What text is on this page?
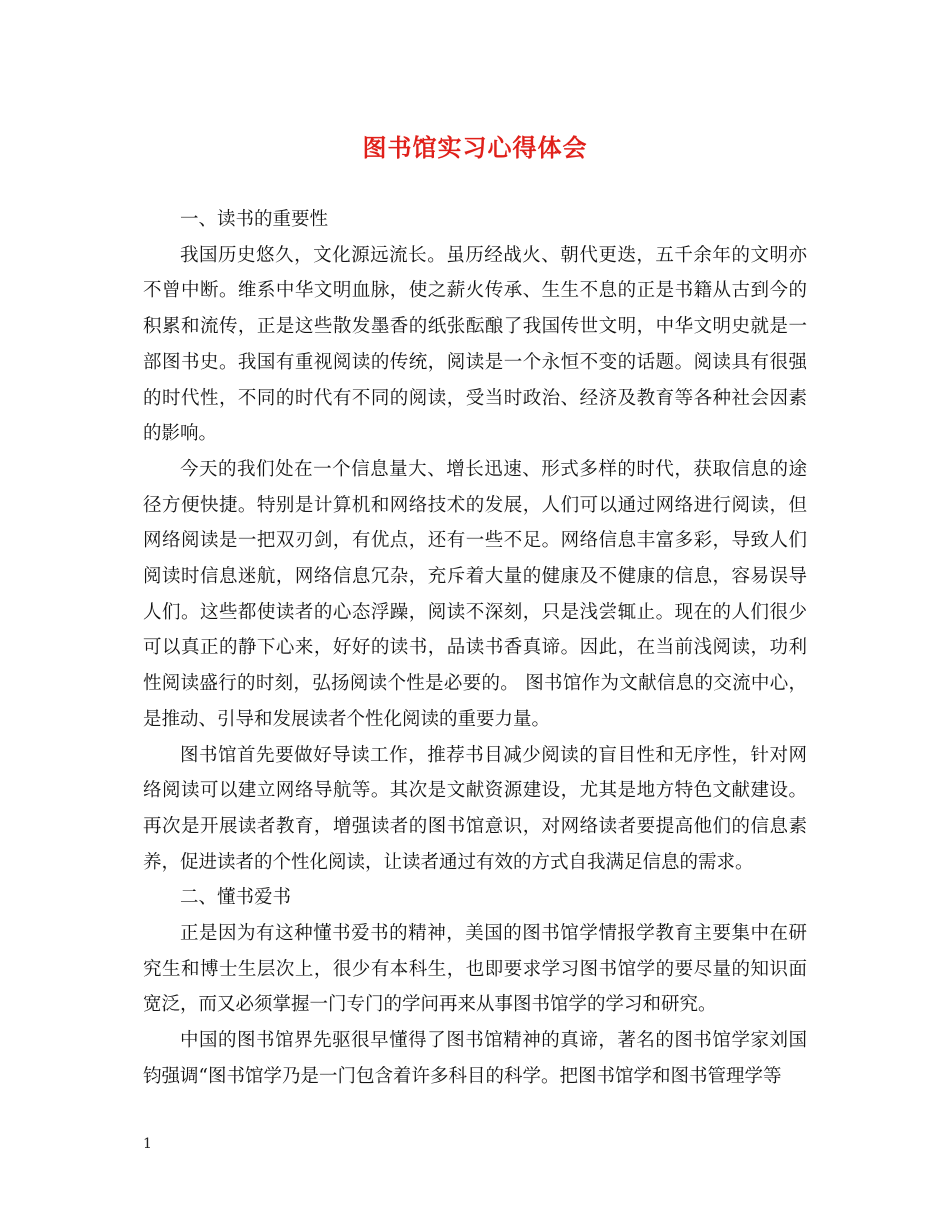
图书馆实习心得体会

一、读书的重要性

我国历史悠久，文化源远流长。虽历经战火、朝代更迭，五千余年的文明亦不曾中断。维系中华文明血脉，使之薪火传承、生生不息的正是书籍从古到今的积累和流传，正是这些散发墨香的纸张酝酿了我国传世文明，中华文明史就是一部图书史。我国有重视阅读的传统，阅读是一个永恒不变的话题。阅读具有很强的时代性，不同的时代有不同的阅读，受当时政治、经济及教育等各种社会因素的影响。

今天的我们处在一个信息量大、增长迅速、形式多样的时代，获取信息的途径方便快捷。特别是计算机和网络技术的发展，人们可以通过网络进行阅读，但网络阅读是一把双刃剑，有优点，还有一些不足。网络信息丰富多彩，导致人们阅读时信息迷航，网络信息冗杂，充斥着大量的健康及不健康的信息，容易误导人们。这些都使读者的心态浮躁，阅读不深刻，只是浅尝辄止。现在的人们很少可以真正的静下心来，好好的读书，品读书香真谛。因此，在当前浅阅读，功利性阅读盛行的时刻，弘扬阅读个性是必要的。 图书馆作为文献信息的交流中心，是推动、引导和发展读者个性化阅读的重要力量。

图书馆首先要做好导读工作，推荐书目减少阅读的盲目性和无序性，针对网络阅读可以建立网络导航等。其次是文献资源建设，尤其是地方特色文献建设。再次是开展读者教育，增强读者的图书馆意识，对网络读者要提高他们的信息素养，促进读者的个性化阅读，让读者通过有效的方式自我满足信息的需求。

二、懂书爱书

正是因为有这种懂书爱书的精神，美国的图书馆学情报学教育主要集中在研究生和博士生层次上，很少有本科生，也即要求学习图书馆学的要尽量的知识面宽泛，而又必须掌握一门专门的学问再来从事图书馆学的学习和研究。

中国的图书馆界先驱很早懂得了图书馆精神的真谛，著名的图书馆学家刘国钧强调“图书馆学乃是一门包含着许多科目的科学。把图书馆学和图书管理学等

1
